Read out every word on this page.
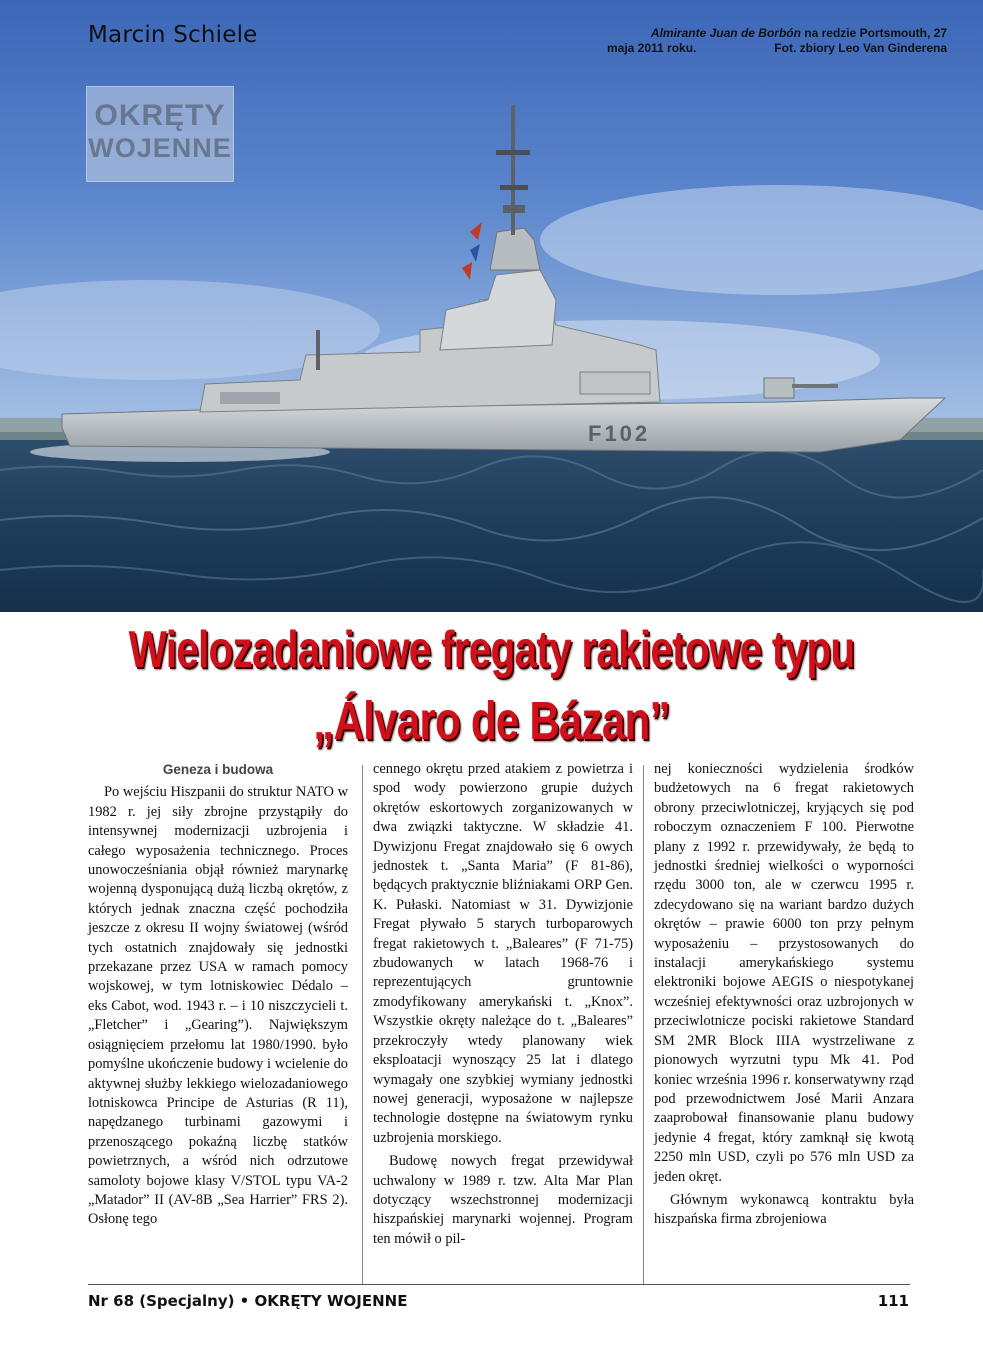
F102
Marcin Schiele	Almirante Juan de Borbón na redzie Portsmouth, 27
maja 2011 roku.	Fot. zbiory Leo Van Ginderena
OKRĘTY
WOJENNE
Wielozadaniowe fregaty rakietowe typu
„Álvaro de Bázan”

Geneza i budowa

Po wejściu Hiszpanii do struktur NATO w 1982 r. jej siły zbrojne przystąpiły do intensywnej modernizacji uzbrojenia i całego wyposażenia technicznego. Proces unowocześniania objął również marynarkę wojenną dysponującą dużą liczbą okrętów, z których jednak znaczna część pochodziła jeszcze z okresu II wojny światowej (wśród tych ostatnich znajdowały się jednostki przekazane przez USA w ramach pomocy wojskowej, w tym lotniskowiec Dédalo – eks Cabot, wod. 1943 r. – i 10 niszczycieli t. „Fletcher” i „Gearing”). Największym osiągnięciem przełomu lat 1980/1990. było pomyślne ukończenie budowy i wcielenie do aktywnej służby lekkiego wielozadaniowego lotniskowca Principe de Asturias (R 11), napędzanego turbinami gazowymi i przenoszącego pokaźną liczbę statków powietrznych, a wśród nich odrzutowe samoloty bojowe klasy V/STOL typu VA-2 „Matador” II (AV-8B „Sea Harrier” FRS 2). Osłonę tego

cennego okrętu przed atakiem z powietrza i spod wody powierzono grupie dużych okrętów eskortowych zorganizowanych w dwa związki taktyczne. W składzie 41. Dywizjonu Fregat znajdowało się 6 owych jednostek t. „Santa Maria” (F 81-86), będących praktycznie bliźniakami ORP Gen. K. Pułaski. Natomiast w 31. Dywizjonie Fregat pływało 5 starych turboparowych fregat rakietowych t. „Baleares” (F 71-75) zbudowanych w latach 1968-76 i reprezentujących gruntownie zmodyfikowany amerykański t. „Knox”. Wszystkie okręty należące do t. „Baleares” przekroczyły wtedy planowany wiek eksploatacji wynoszący 25 lat i dlatego wymagały one szybkiej wymiany jednostki nowej generacji, wyposażone w najlepsze technologie dostępne na światowym rynku uzbrojenia morskiego.

Budowę nowych fregat przewidywał uchwalony w 1989 r. tzw. Alta Mar Plan dotyczący wszechstronnej modernizacji hiszpańskiej marynarki wojennej. Program ten mówił o pil-

nej konieczności wydzielenia środków budżetowych na 6 fregat rakietowych obrony przeciwlotniczej, kryjących się pod roboczym oznaczeniem F 100. Pierwotne plany z 1992 r. przewidywały, że będą to jednostki średniej wielkości o wyporności rzędu 3000 ton, ale w czerwcu 1995 r. zdecydowano się na wariant bardzo dużych okrętów – prawie 6000 ton przy pełnym wyposażeniu – przystosowanych do instalacji amerykańskiego systemu elektroniki bojowe AEGIS o niespotykanej wcześniej efektywności oraz uzbrojonych w przeciwlotnicze pociski rakietowe Standard SM 2MR Block IIIA wystrzeliwane z pionowych wyrzutni typu Mk 41. Pod koniec września 1996 r. konserwatywny rząd pod przewodnictwem José Marii Anzara zaaprobował finansowanie planu budowy jedynie 4 fregat, który zamknął się kwotą 2250 mln USD, czyli po 576 mln USD za jeden okręt.

Głównym wykonawcą kontraktu była hiszpańska firma zbrojeniowa

Nr 68 (Specjalny) • OKRĘTY WOJENNE	111
